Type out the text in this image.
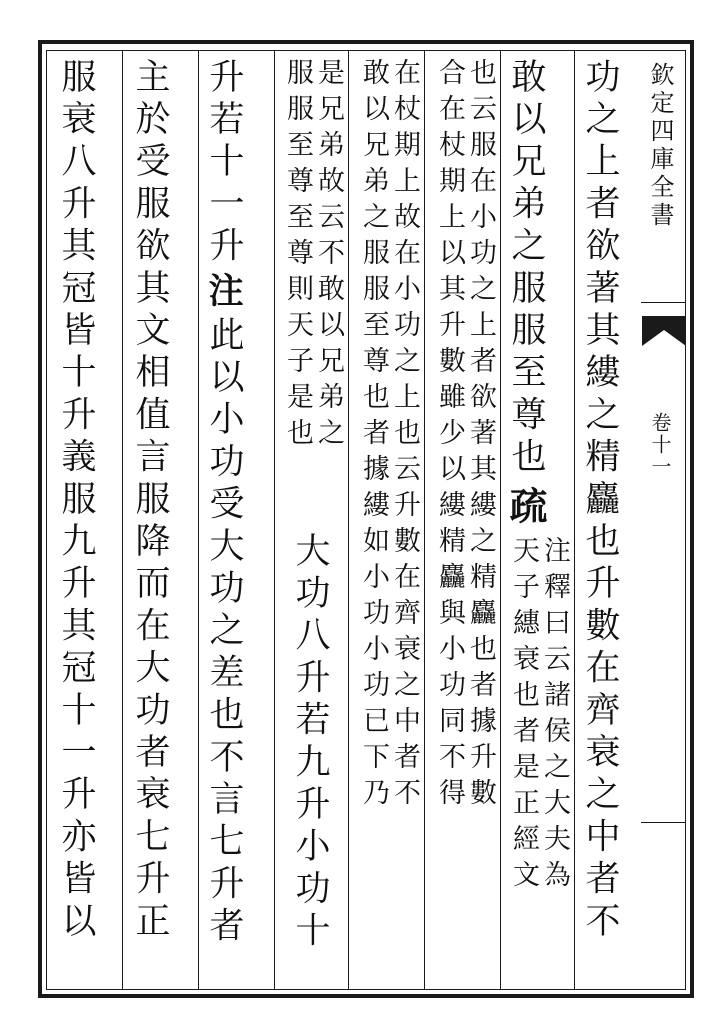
欽定四庫全書
卷十一
功之上者欲著其縷之精麤也升數在齊衰之中者不
敢以兄弟之服服至尊也
疏
注釋曰云諸侯之大夫為
天子繐衰也者是正經文
也云服在小功之上者欲著其縷之精麤也者據升數
合在杖期上以其升數雖少以縷精麤與小功同不得
在杖期上故在小功之上也云升數在齊衰之中者不
敢以兄弟之服服至尊也者據縷如小功小功已下乃
是兄弟故云不敢以兄弟之
服服至尊至尊則天子是也
大功八升若九升小功十
升若十一升
注
此以小功受大功之差也不言七升者
主於受服欲其文相值言服降而在大功者衰七升正
服衰八升其冠皆十升義服九升其冠十一升亦皆以
